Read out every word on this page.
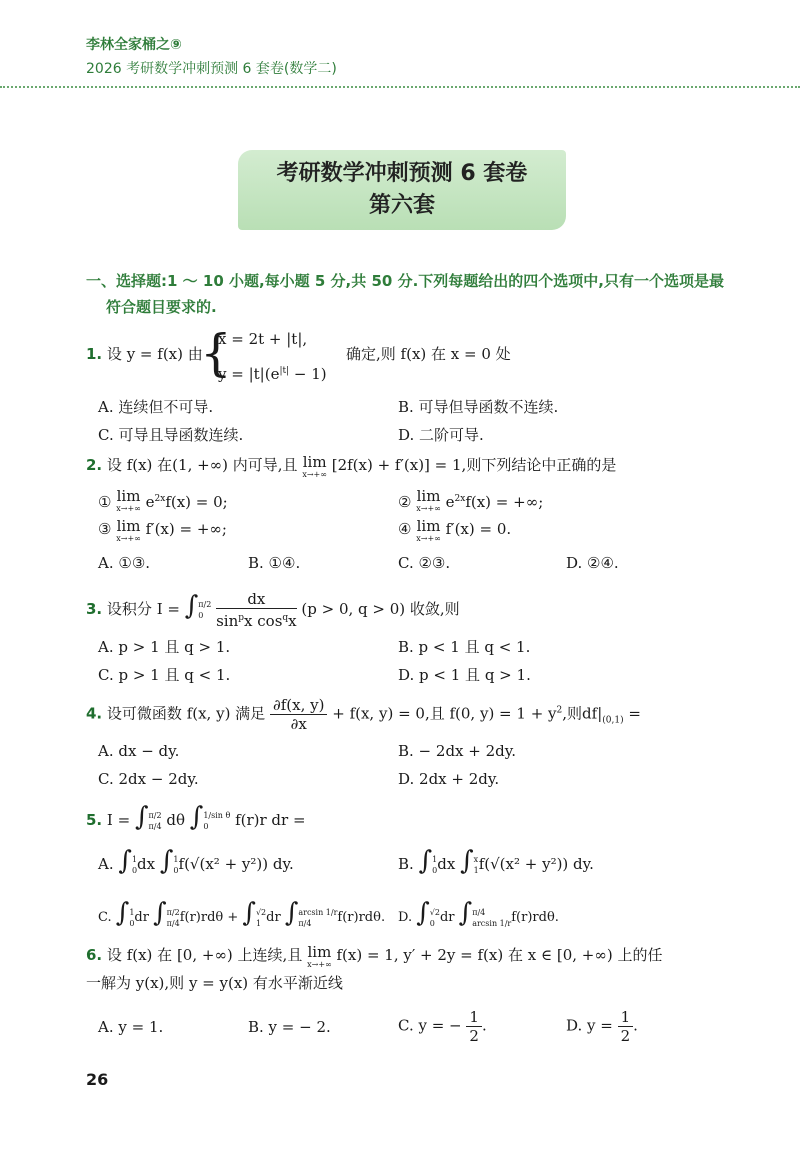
李林全家桶之⑨
2026 考研数学冲刺预测 6 套卷(数学二)
考研数学冲刺预测 6 套卷
第六套
一、选择题:1 ～ 10 小题,每小题 5 分,共 50 分.下列每题给出的四个选项中,只有一个选项是最
符合题目要求的.
1. 设 y = f(x) 由
{
x = 2t + |t|,
$y = |t|(e^{|t|} - 1)$
确定,则 f(x) 在 x = 0 处
A. 连续但不可导.	B. 可导但导函数不连续.
C. 可导且导函数连续.	D. 二阶可导.
2. 设 f(x) 在(1, +∞) 内可导,且 lim
x→+∞
[2f(x) + f′(x)] = 1,则下列结论中正确的是
① lim
x→+∞ $e^{2x}f(x) = 0$;	② lim
x→+∞ $e^{2x}f(x)$ = +∞;
③ lim
x→+∞
f′(x) = +∞;	④ lim
x→+∞
f′(x) = 0.
A. ①③.	B. ①④.	C. ②③.	D. ②④.
3. 设积分 I = ∫π/2
$0 \frac{dx}{\sin^px \cos^qx} (p > 0$, q > 0) 收敛,则
A. p > 1 且 q > 1.	B. p < 1 且 q < 1.
C. p > 1 且 q < 1.	D. p < 1 且 q > 1.
4. 设可微函数 f(x, y) 满足 $\frac{\partial f(x, y)}{\partial x} + f(x$, y) = 0,且 f(0, $y) = 1 + y^2$,则$df|_{(0,1)}$ =
A. dx − dy.	B. − 2dx + 2dy.
C. 2dx − 2dy.	D. 2dx + 2dy.
5. I = ∫π/2
π/4 dθ ∫1/sin θ
0 f(r)r dr =
A. ∫1
0dx ∫1
0f(√(x² + y²)) dy.	B. ∫1
0dx ∫x
1f(√(x² + y²)) dy.
C. ∫1
0dr ∫π/2
π/4f(r)rdθ + ∫√2
1 dr ∫arcsin 1/r
π/4 f(r)rdθ. D. ∫√2
0 dr ∫π/4
arcsin 1/rf(r)rdθ.
6. 设 f(x) 在 [0, +∞) 上连续,且 lim
x→+∞
f(x) = 1, y′ + 2y = f(x) 在 x ∈ [0, +∞) 上的任
一解为 y(x),则 y = y(x) 有水平渐近线
A. y = 1.	B. y = − 2.	C. y = − $\frac{1}{2}$ .	D. $y = \frac{1}{2}$ .
26
